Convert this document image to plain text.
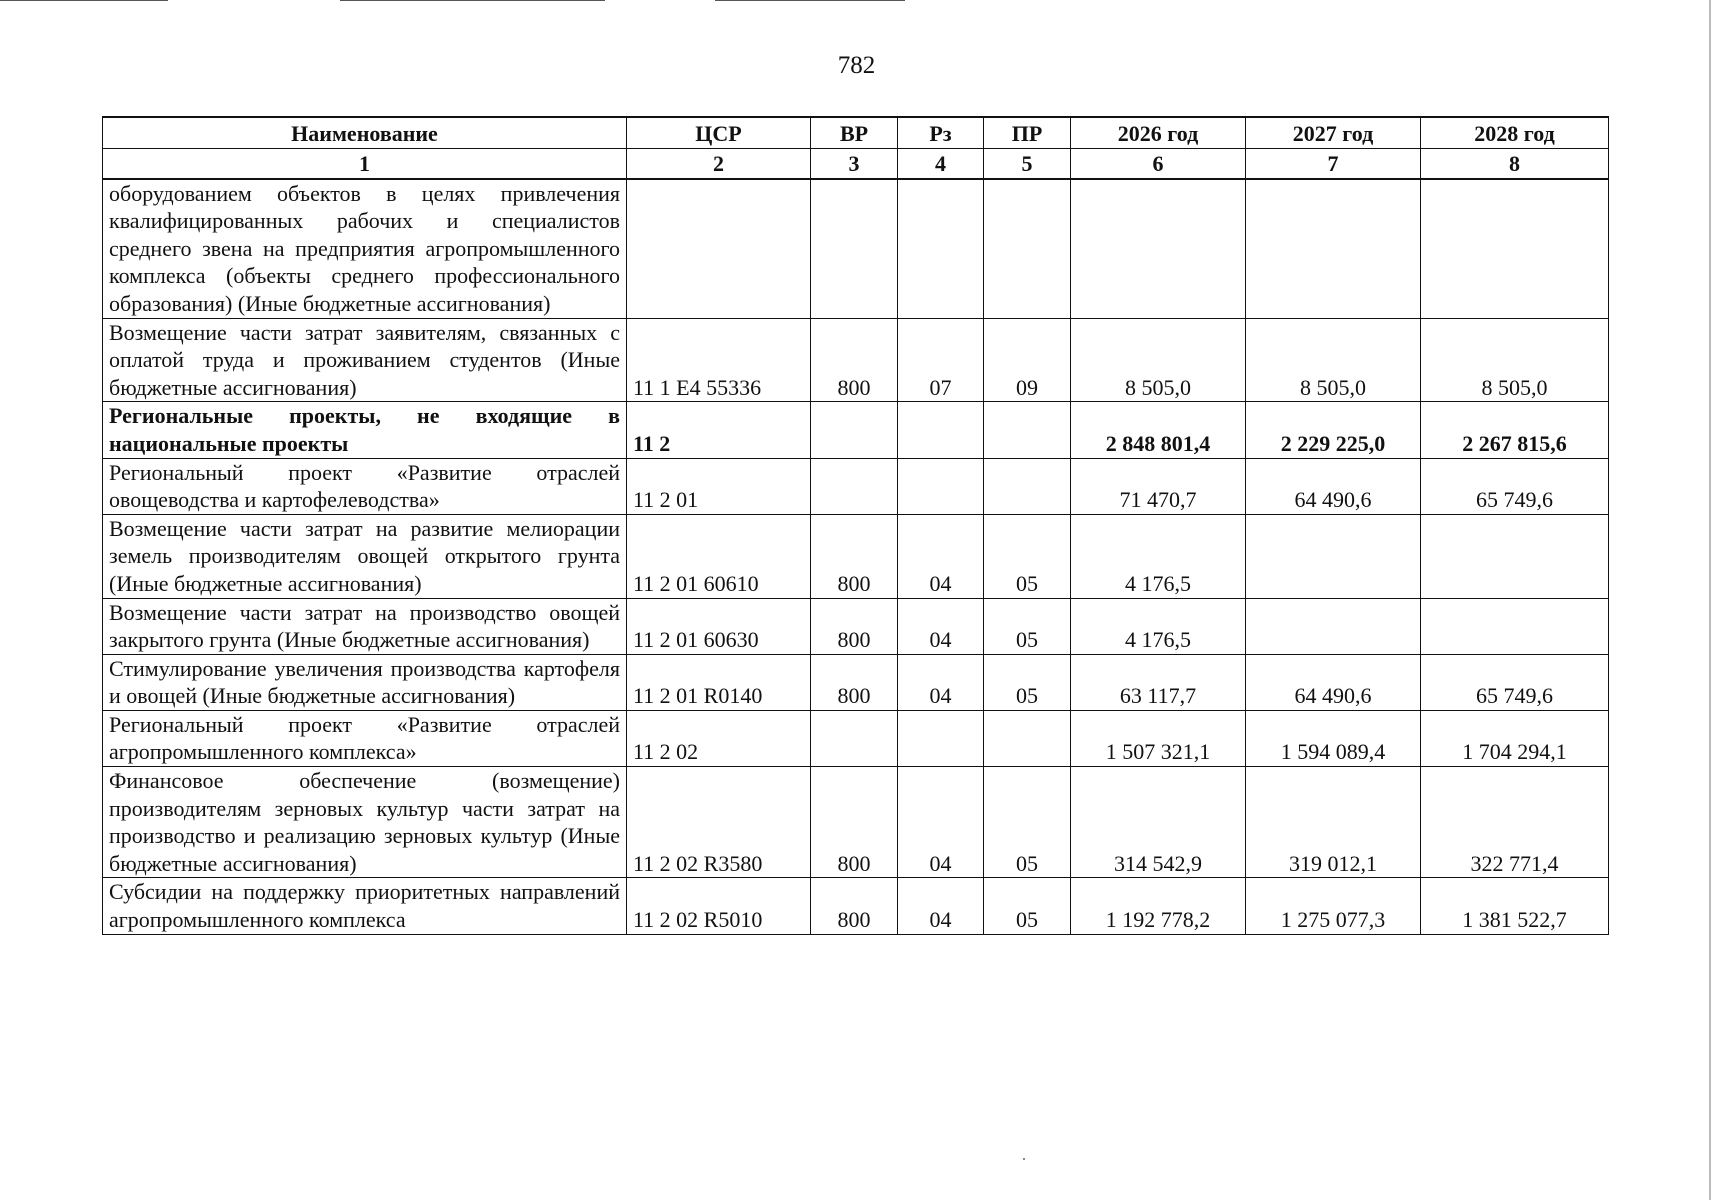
782
Наименование	ЦСР	ВР	Рз	ПР	2026 год	2027 год	2028 год
1	2	3	4	5	6	7	8
оборудованием объектов в целях привлечения квалифицированных рабочих и специалистов среднего звена на предприятия агропромышленного комплекса (объекты среднего профессионального образования) (Иные бюджетные ассигнования)							
Возмещение части затрат заявителям, связанных с оплатой труда и проживанием студентов (Иные бюджетные ассигнования)	11 1 Е4 55336	800	07	09	8 505,0	8 505,0	8 505,0
Региональные проекты, не входящие в национальные проекты	11 2				2 848 801,4	2 229 225,0	2 267 815,6
Региональный проект «Развитие отраслей овощеводства и картофелеводства»	11 2 01				71 470,7	64 490,6	65 749,6
Возмещение части затрат на развитие мелиорации земель производителям овощей открытого грунта (Иные бюджетные ассигнования)	11 2 01 60610	800	04	05	4 176,5		
Возмещение части затрат на производство овощей закрытого грунта (Иные бюджетные ассигнования)	11 2 01 60630	800	04	05	4 176,5		
Стимулирование увеличения производства картофеля и овощей (Иные бюджетные ассигнования)	11 2 01 R0140	800	04	05	63 117,7	64 490,6	65 749,6
Региональный проект «Развитие отраслей агропромышленного комплекса»	11 2 02				1 507 321,1	1 594 089,4	1 704 294,1
Финансовое обеспечение (возмещение) производителям зерновых культур части затрат на производство и реализацию зерновых культур (Иные бюджетные ассигнования)	11 2 02 R3580	800	04	05	314 542,9	319 012,1	322 771,4
Субсидии на поддержку приоритетных направлений агропромышленного комплекса	11 2 02 R5010	800	04	05	1 192 778,2	1 275 077,3	1 381 522,7
